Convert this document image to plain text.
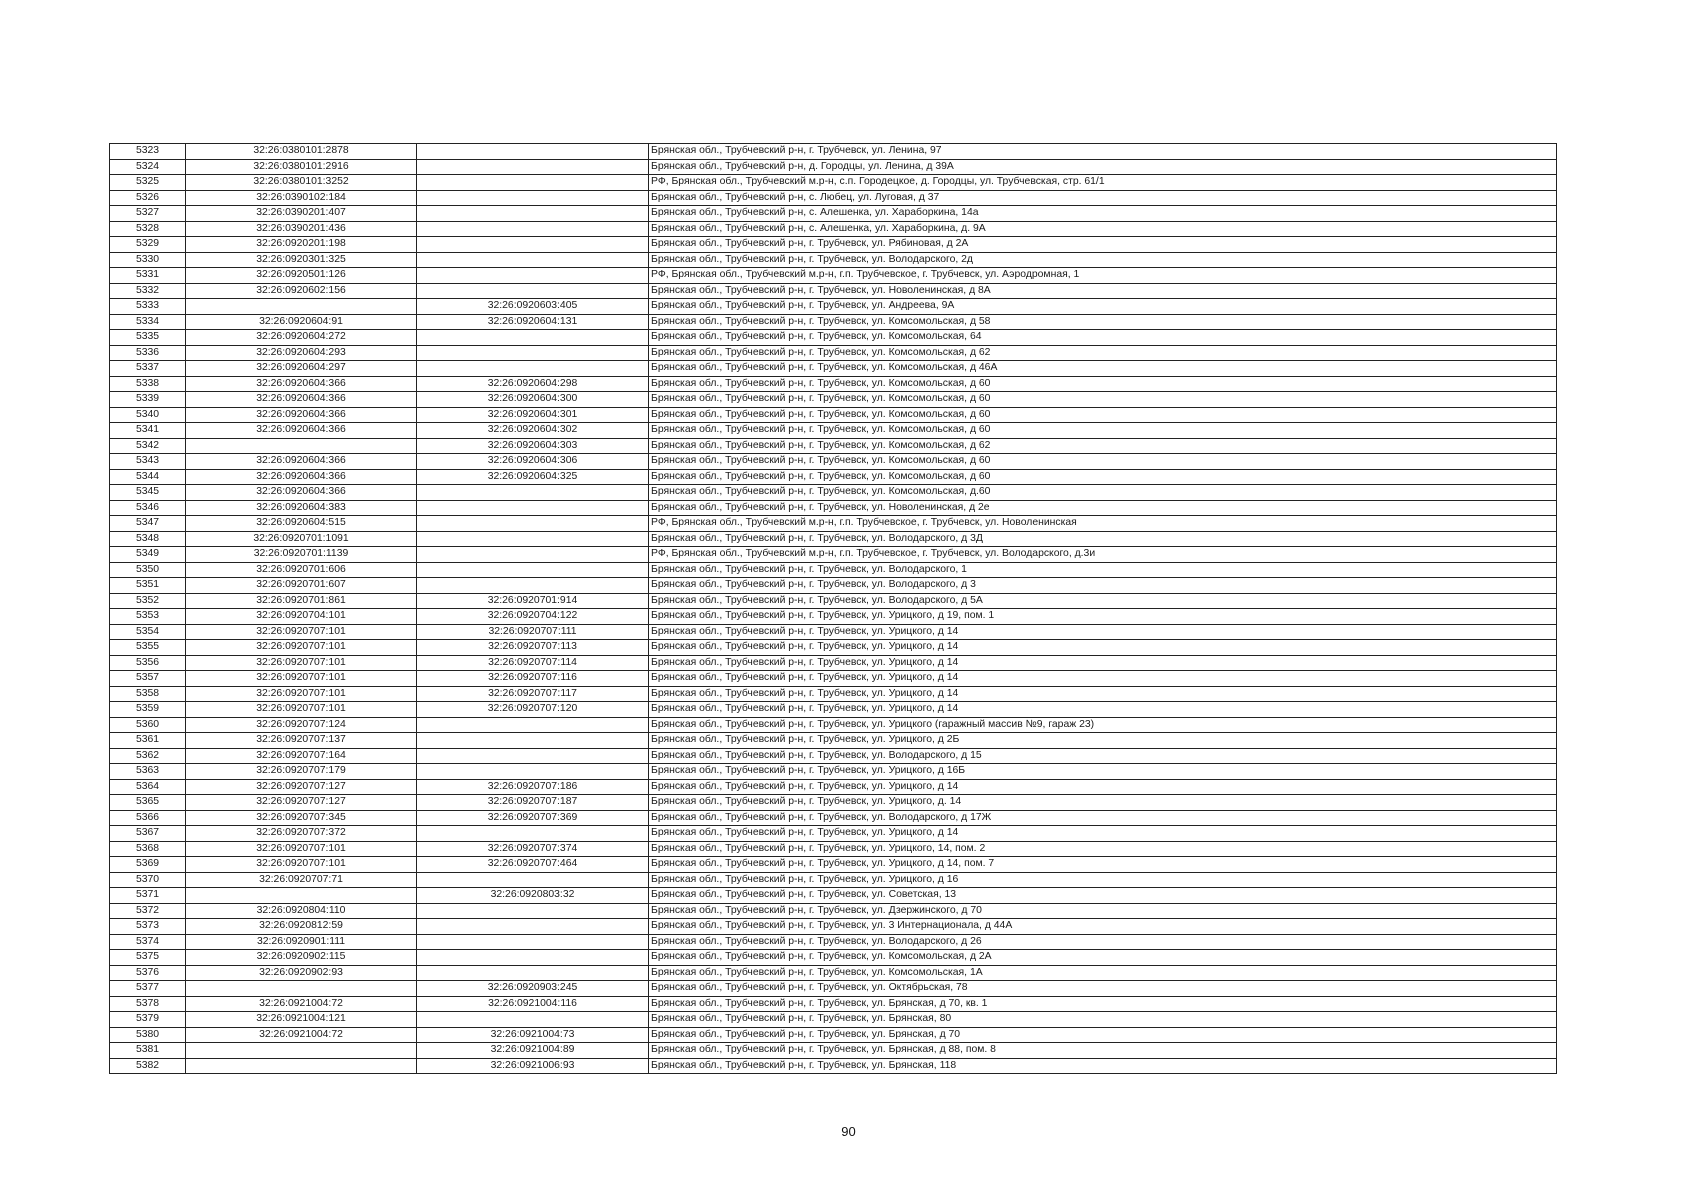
5323	32:26:0380101:2878		Брянская обл., Трубчевский р-н, г. Трубчевск, ул. Ленина, 97
5324	32:26:0380101:2916		Брянская обл., Трубчевский р-н, д. Городцы, ул. Ленина, д 39А
5325	32:26:0380101:3252		РФ, Брянская обл., Трубчевский м.р-н, с.п. Городецкое, д. Городцы, ул. Трубчевская, стр. 61/1
5326	32:26:0390102:184		Брянская обл., Трубчевский р-н, с. Любец, ул. Луговая, д 37
5327	32:26:0390201:407		Брянская обл., Трубчевский р-н, с. Алешенка, ул. Хараборкина, 14а
5328	32:26:0390201:436		Брянская обл., Трубчевский р-н, с. Алешенка, ул. Хараборкина, д. 9А
5329	32:26:0920201:198		Брянская обл., Трубчевский р-н, г. Трубчевск, ул. Рябиновая, д 2А
5330	32:26:0920301:325		Брянская обл., Трубчевский р-н, г. Трубчевск, ул. Володарского, 2д
5331	32:26:0920501:126		РФ, Брянская обл., Трубчевский м.р-н, г.п. Трубчевское, г. Трубчевск, ул. Аэродромная, 1
5332	32:26:0920602:156		Брянская обл., Трубчевский р-н, г. Трубчевск, ул. Новоленинская, д 8А
5333		32:26:0920603:405	Брянская обл., Трубчевский р-н, г. Трубчевск, ул. Андреева, 9А
5334	32:26:0920604:91	32:26:0920604:131	Брянская обл., Трубчевский р-н, г. Трубчевск, ул. Комсомольская, д 58
5335	32:26:0920604:272		Брянская обл., Трубчевский р-н, г. Трубчевск, ул. Комсомольская, 64
5336	32:26:0920604:293		Брянская обл., Трубчевский р-н, г. Трубчевск, ул. Комсомольская, д 62
5337	32:26:0920604:297		Брянская обл., Трубчевский р-н, г. Трубчевск, ул. Комсомольская, д 46А
5338	32:26:0920604:366	32:26:0920604:298	Брянская обл., Трубчевский р-н, г. Трубчевск, ул. Комсомольская, д 60
5339	32:26:0920604:366	32:26:0920604:300	Брянская обл., Трубчевский р-н, г. Трубчевск, ул. Комсомольская, д 60
5340	32:26:0920604:366	32:26:0920604:301	Брянская обл., Трубчевский р-н, г. Трубчевск, ул. Комсомольская, д 60
5341	32:26:0920604:366	32:26:0920604:302	Брянская обл., Трубчевский р-н, г. Трубчевск, ул. Комсомольская, д 60
5342		32:26:0920604:303	Брянская обл., Трубчевский р-н, г. Трубчевск, ул. Комсомольская, д 62
5343	32:26:0920604:366	32:26:0920604:306	Брянская обл., Трубчевский р-н, г. Трубчевск, ул. Комсомольская, д 60
5344	32:26:0920604:366	32:26:0920604:325	Брянская обл., Трубчевский р-н, г. Трубчевск, ул. Комсомольская, д 60
5345	32:26:0920604:366		Брянская обл., Трубчевский р-н, г. Трубчевск, ул. Комсомольская, д.60
5346	32:26:0920604:383		Брянская обл., Трубчевский р-н, г. Трубчевск, ул. Новоленинская, д 2е
5347	32:26:0920604:515		РФ, Брянская обл., Трубчевский м.р-н, г.п. Трубчевское, г. Трубчевск, ул. Новоленинская
5348	32:26:0920701:1091		Брянская обл., Трубчевский р-н, г. Трубчевск, ул. Володарского, д 3Д
5349	32:26:0920701:1139		РФ, Брянская обл., Трубчевский м.р-н, г.п. Трубчевское, г. Трубчевск, ул. Володарского, д.3и
5350	32:26:0920701:606		Брянская обл., Трубчевский р-н, г. Трубчевск, ул. Володарского, 1
5351	32:26:0920701:607		Брянская обл., Трубчевский р-н, г. Трубчевск, ул. Володарского, д 3
5352	32:26:0920701:861	32:26:0920701:914	Брянская обл., Трубчевский р-н, г. Трубчевск, ул. Володарского, д 5А
5353	32:26:0920704:101	32:26:0920704:122	Брянская обл., Трубчевский р-н, г. Трубчевск, ул. Урицкого, д 19, пом. 1
5354	32:26:0920707:101	32:26:0920707:111	Брянская обл., Трубчевский р-н, г. Трубчевск, ул. Урицкого, д 14
5355	32:26:0920707:101	32:26:0920707:113	Брянская обл., Трубчевский р-н, г. Трубчевск, ул. Урицкого, д 14
5356	32:26:0920707:101	32:26:0920707:114	Брянская обл., Трубчевский р-н, г. Трубчевск, ул. Урицкого, д 14
5357	32:26:0920707:101	32:26:0920707:116	Брянская обл., Трубчевский р-н, г. Трубчевск, ул. Урицкого, д 14
5358	32:26:0920707:101	32:26:0920707:117	Брянская обл., Трубчевский р-н, г. Трубчевск, ул. Урицкого, д 14
5359	32:26:0920707:101	32:26:0920707:120	Брянская обл., Трубчевский р-н, г. Трубчевск, ул. Урицкого, д 14
5360	32:26:0920707:124		Брянская обл., Трубчевский р-н, г. Трубчевск, ул. Урицкого (гаражный массив №9, гараж 23)
5361	32:26:0920707:137		Брянская обл., Трубчевский р-н, г. Трубчевск, ул. Урицкого, д 2Б
5362	32:26:0920707:164		Брянская обл., Трубчевский р-н, г. Трубчевск, ул. Володарского, д 15
5363	32:26:0920707:179		Брянская обл., Трубчевский р-н, г. Трубчевск, ул. Урицкого, д 16Б
5364	32:26:0920707:127	32:26:0920707:186	Брянская обл., Трубчевский р-н, г. Трубчевск, ул. Урицкого, д 14
5365	32:26:0920707:127	32:26:0920707:187	Брянская обл., Трубчевский р-н, г. Трубчевск, ул. Урицкого, д. 14
5366	32:26:0920707:345	32:26:0920707:369	Брянская обл., Трубчевский р-н, г. Трубчевск, ул. Володарского, д 17Ж
5367	32:26:0920707:372		Брянская обл., Трубчевский р-н, г. Трубчевск, ул. Урицкого, д 14
5368	32:26:0920707:101	32:26:0920707:374	Брянская обл., Трубчевский р-н, г. Трубчевск, ул. Урицкого, 14, пом. 2
5369	32:26:0920707:101	32:26:0920707:464	Брянская обл., Трубчевский р-н, г. Трубчевск, ул. Урицкого, д 14, пом. 7
5370	32:26:0920707:71		Брянская обл., Трубчевский р-н, г. Трубчевск, ул. Урицкого, д 16
5371		32:26:0920803:32	Брянская обл., Трубчевский р-н, г. Трубчевск, ул. Советская, 13
5372	32:26:0920804:110		Брянская обл., Трубчевский р-н, г. Трубчевск, ул. Дзержинского, д 70
5373	32:26:0920812:59		Брянская обл., Трубчевский р-н, г. Трубчевск, ул. 3 Интернационала, д 44А
5374	32:26:0920901:111		Брянская обл., Трубчевский р-н, г. Трубчевск, ул. Володарского, д 26
5375	32:26:0920902:115		Брянская обл., Трубчевский р-н, г. Трубчевск, ул. Комсомольская, д 2А
5376	32:26:0920902:93		Брянская обл., Трубчевский р-н, г. Трубчевск, ул. Комсомольская, 1А
5377		32:26:0920903:245	Брянская обл., Трубчевский р-н, г. Трубчевск, ул. Октябрьская, 78
5378	32:26:0921004:72	32:26:0921004:116	Брянская обл., Трубчевский р-н, г. Трубчевск, ул. Брянская, д 70, кв. 1
5379	32:26:0921004:121		Брянская обл., Трубчевский р-н, г. Трубчевск, ул. Брянская, 80
5380	32:26:0921004:72	32:26:0921004:73	Брянская обл., Трубчевский р-н, г. Трубчевск, ул. Брянская, д 70
5381		32:26:0921004:89	Брянская обл., Трубчевский р-н, г. Трубчевск, ул. Брянская, д 88, пом. 8
5382		32:26:0921006:93	Брянская обл., Трубчевский р-н, г. Трубчевск, ул. Брянская, 118
90
